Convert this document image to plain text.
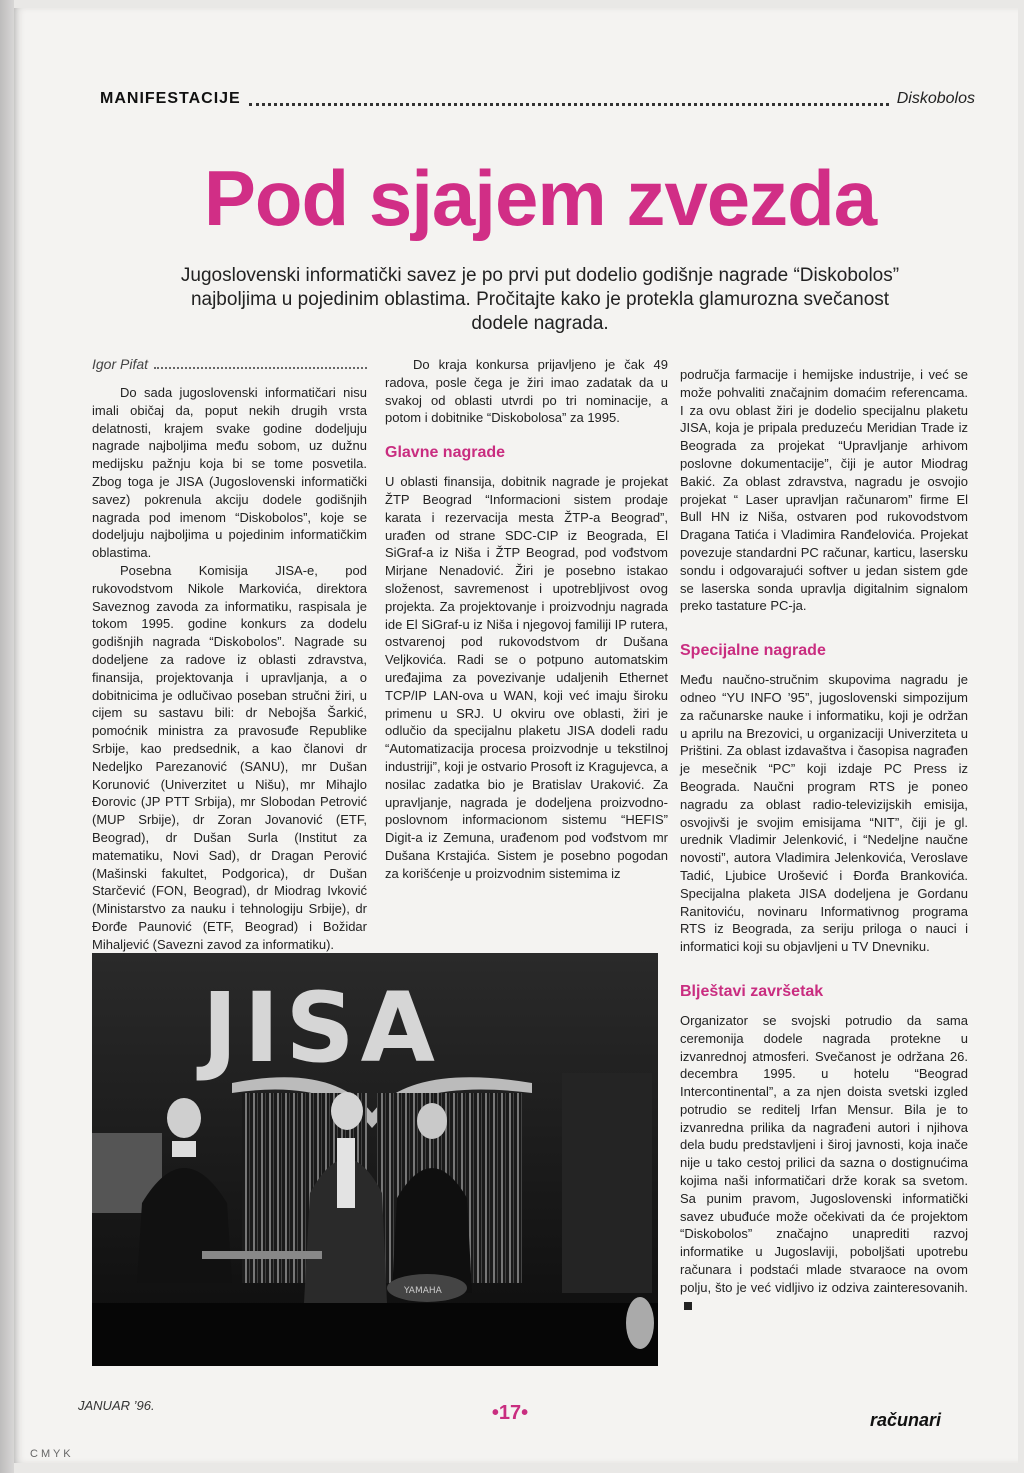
MANIFESTACIJE	Diskobolos
Pod sjajem zvezda
Jugoslovenski informatički savez je po prvi put dodelio godišnje nagrade “Diskobolos” najboljima u pojedinim oblastima. Pročitajte kako je protekla glamurozna svečanost dodele nagrada.
Igor Pifat

Do sada jugoslovenski informatičari nisu imali običaj da, poput nekih drugih vrsta delatnosti, krajem svake godine dodeljuju nagrade najboljima među sobom, uz dužnu medijsku pažnju koja bi se tome posvetila. Zbog toga je JISA (Jugoslovenski informatički savez) pokrenula akciju dodele godišnjih nagrada pod imenom “Diskobolos”, koje se dodeljuju najboljima u pojedinim informatičkim oblastima.

Posebna Komisija JISA-e, pod rukovodstvom Nikole Markovića, direktora Saveznog zavoda za informatiku, raspisala je tokom 1995. godine konkurs za dodelu godišnjih nagrada “Diskobolos”. Nagrade su dodeljene za radove iz oblasti zdravstva, finansija, projektovanja i upravljanja, a o dobitnicima je odlučivao poseban stručni žiri, u cijem su sastavu bili: dr Nebojša Šarkić, pomoćnik ministra za pravosuđe Republike Srbije, kao predsednik, a kao članovi dr Nedeljko Parezanović (SANU), mr Dušan Korunović (Univerzitet u Nišu), mr Mihajlo Đorovic (JP PTT Srbija), mr Slobodan Petrović (MUP Srbije), dr Zoran Jovanović (ETF, Beograd), dr Dušan Surla (Institut za matematiku, Novi Sad), dr Dragan Perović (Mašinski fakultet, Podgorica), dr Dušan Starčević (FON, Beograd), dr Miodrag Ivković (Ministarstvo za nauku i tehnologiju Srbije), dr Đorđe Paunović (ETF, Beograd) i Božidar Mihaljević (Savezni zavod za informatiku).

Do kraja konkursa prijavljeno je čak 49 radova, posle čega je žiri imao zadatak da u svakoj od oblasti utvrdi po tri nominacije, a potom i dobitnike “Diskobolosa” za 1995.

Glavne nagrade

U oblasti finansija, dobitnik nagrade je projekat ŽTP Beograd “Informacioni sistem prodaje karata i rezervacija mesta ŽTP-a Beograd”, urađen od strane SDC-CIP iz Beograda, El SiGraf-a iz Niša i ŽTP Beograd, pod vođstvom Mirjane Nenadović. Žiri je posebno istakao složenost, savremenost i upotrebljivost ovog projekta. Za projektovanje i proizvodnju nagrada ide El SiGraf-u iz Niša i njegovoj familiji IP rutera, ostvarenoj pod rukovodstvom dr Dušana Veljkovića. Radi se o potpuno automatskim uređajima za povezivanje udaljenih Ethernet TCP/IP LAN-ova u WAN, koji već imaju široku primenu u SRJ. U okviru ove oblasti, žiri je odlučio da specijalnu plaketu JISA dodeli radu “Automatizacija procesa proizvodnje u tekstilnoj industriji”, koji je ostvario Prosoft iz Kragujevca, a nosilac zadatka bio je Bratislav Uraković. Za upravljanje, nagrada je dodeljena proizvodno-poslovnom informacionom sistemu “HEFIS” Digit-a iz Zemuna, urađenom pod vođstvom mr Dušana Krstajića. Sistem je posebno pogodan za korišćenje u proizvodnim sistemima iz

područja farmacije i hemijske industrije, i već se može pohvaliti značajnim domaćim referencama. I za ovu oblast žiri je dodelio specijalnu plaketu JISA, koja je pripala preduzeću Meridian Trade iz Beograda za projekat “Upravljanje arhivom poslovne dokumentacije”, čiji je autor Miodrag Bakić. Za oblast zdravstva, nagradu je osvojio projekat “ Laser upravljan računarom” firme El Bull HN iz Niša, ostvaren pod rukovodstvom Dragana Tatića i Vladimira Ranđelovića. Projekat povezuje standardni PC računar, karticu, lasersku sondu i odgovarajući softver u jedan sistem gde se laserska sonda upravlja digitalnim signalom preko tastature PC-ja.

Specijalne nagrade

Među naučno-stručnim skupovima nagradu je odneo “YU INFO ’95”, jugoslovenski simpozijum za računarske nauke i informatiku, koji je održan u aprilu na Brezovici, u organizaciji Univerziteta u Prištini. Za oblast izdavaštva i časopisa nagrađen je mesečnik “PC” koji izdaje PC Press iz Beograda. Naučni program RTS je poneo nagradu za oblast radio-televizijskih emisija, osvojivši je svojim emisijama “NIT”, čiji je gl. urednik Vladimir Jelenković, i “Nedeljne naučne novosti”, autora Vladimira Jelenkovića, Veroslave Tadić, Ljubice Urošević i Đorđa Brankovića. Specijalna plaketa JISA dodeljena je Gordanu Ranitoviću, novinaru Informativnog programa RTS iz Beograda, za seriju priloga o nauci i informatici koji su objavljeni u TV Dnevniku.

Blještavi završetak

Organizator se svojski potrudio da sama ceremonija dodele nagrada protekne u izvanrednoj atmosferi. Svečanost je održana 26. decembra 1995. u hotelu “Beograd Intercontinental”, a za njen doista svetski izgled potrudio se reditelj Irfan Mensur. Bila je to izvanredna prilika da nagrađeni autori i njihova dela budu predstavljeni i široj javnosti, koja inače nije u tako cestoj prilici da sazna o dostignućima kojima naši informatičari drže korak sa svetom. Sa punim pravom, Jugoslovenski informatički savez ubuđuće može očekivati da će projektom “Diskobolos” značajno unaprediti razvoj informatike u Jugoslaviji, poboljšati upotrebu računara i podstaći mlade stvaraoce na ovom polju, što je već vidljivo iz odziva zainteresovanih.

JISA
YAMAHA
JANUAR ’96.	•17•	računari
C M Y K
